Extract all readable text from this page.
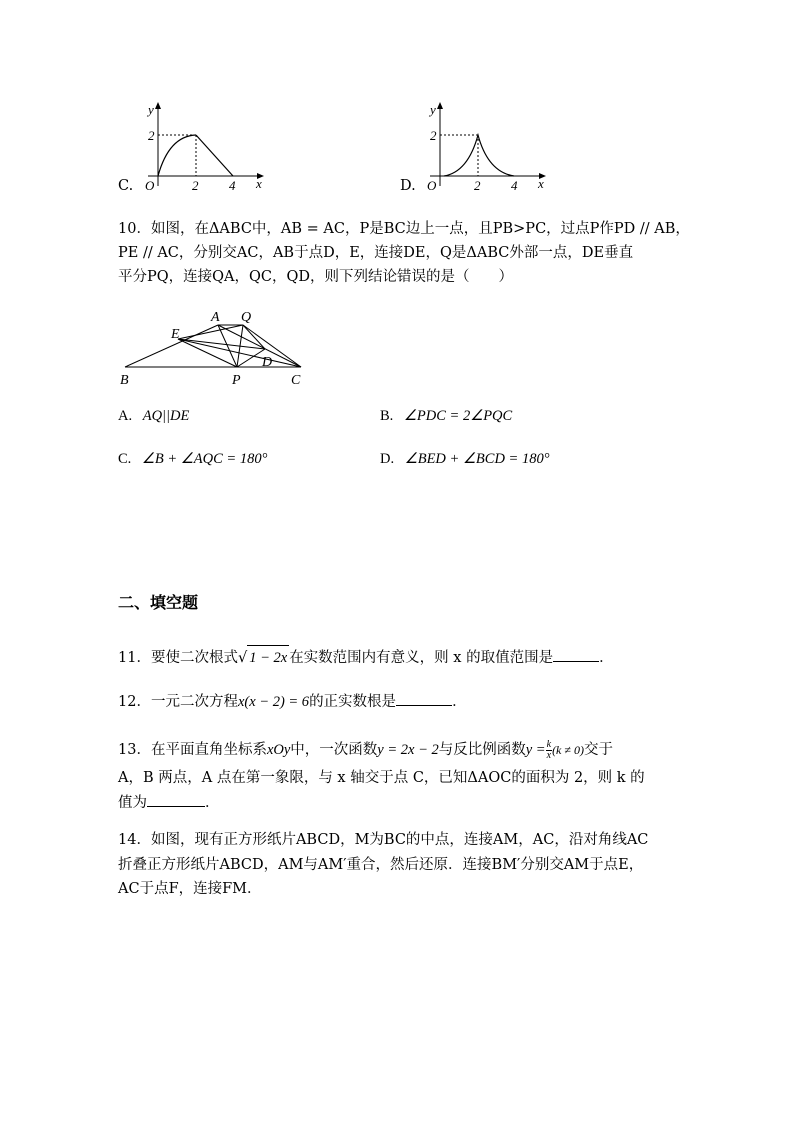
C.
y
x
O
2
2 4	D.
y
x
O
2
2 4
10．如图，在ΔABC中，AB = AC，P是BC边上一点，且PB>PC，过点P作PD // AB，
PE // AC，分别交AC，AB于点D，E，连接DE，Q是ΔABC外部一点，DE垂直
平分PQ，连接QA，QC，QD，则下列结论错误的是（　　）
A Q
E
D
B	P	C
A. AQ||DE	B. ∠PDC = 2∠PQC
C. ∠B + ∠AQC = 180°	D. ∠BED + ∠BCD = 180°
二、填空题
11．要使二次根式√ 1 − 2x 在实数范围内有意义，则 x 的取值范围是	．
12．一元二次方程x(x − 2) = 6的正实数根是	．
13．在平面直角坐标系xOy中，一次函数y = 2x − 2与反比例函数$y = \frac{k}{x} (k \ne 0)$交于
A，B 两点，A 点在第一象限，与 x 轴交于点 C，已知ΔAOC的面积为 2，则 k 的
值为	．
14．如图，现有正方形纸片ABCD，M为BC的中点，连接AM，AC，沿对角线AC
折叠正方形纸片ABCD，AM与AM′重合，然后还原．连接BM′分别交AM于点E，
AC于点F，连接FM．
